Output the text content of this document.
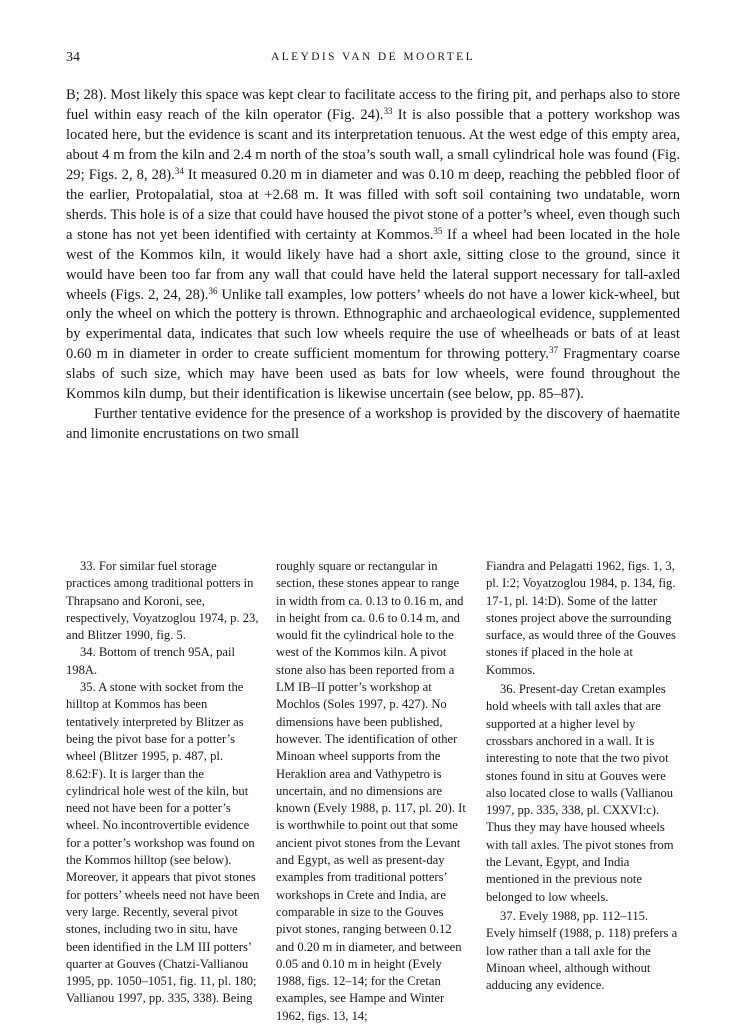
34	ALEYDIS VAN DE MOORTEL

B; 28). Most likely this space was kept clear to facilitate access to the firing pit, and perhaps also to store fuel within easy reach of the kiln operator (Fig. 24).$^{33}$ It is also possible that a pottery workshop was located here, but the evidence is scant and its interpretation tenuous. At the west edge of this empty area, about 4 m from the kiln and 2.4 m north of the stoa’s south wall, a small cylindrical hole was found (Fig. 29; Figs. 2, 8, 28).$^{34}$ It measured 0.20 m in diameter and was 0.10 m deep, reaching the pebbled floor of the earlier, Protopalatial, stoa at +2.68 m. It was filled with soft soil containing two undatable, worn sherds. This hole is of a size that could have housed the pivot stone of a potter’s wheel, even though such a stone has not yet been identified with certainty at Kommos.$^{35}$ If a wheel had been located in the hole west of the Kommos kiln, it would likely have had a short axle, sitting close to the ground, since it would have been too far from any wall that could have held the lateral support necessary for tall-axled wheels (Figs. 2, 24, 28).$^{36}$ Unlike tall examples, low potters’ wheels do not have a lower kick-wheel, but only the wheel on which the pottery is thrown. Ethnographic and archaeological evidence, supplemented by experimental data, indicates that such low wheels require the use of wheelheads or bats of at least 0.60 m in diameter in order to create sufficient momentum for throwing pottery.$^{37}$ Fragmentary coarse slabs of such size, which may have been used as bats for low wheels, were found throughout the Kommos kiln dump, but their identification is likewise uncertain (see below, pp. 85–87).

Further tentative evidence for the presence of a workshop is provided by the discovery of haematite and limonite encrustations on two small

33. For similar fuel storage practices among traditional potters in Thrapsano and Koroni, see, respectively, Voyatzoglou 1974, p. 23, and Blitzer 1990, fig. 5.

34. Bottom of trench 95A, pail 198A.

35. A stone with socket from the hilltop at Kommos has been tentatively interpreted by Blitzer as being the pivot base for a potter’s wheel (Blitzer 1995, p. 487, pl. 8.62:F). It is larger than the cylindrical hole west of the kiln, but need not have been for a potter’s wheel. No incontrovertible evidence for a potter’s workshop was found on the Kommos hilltop (see below). Moreover, it appears that pivot stones for potters’ wheels need not have been very large. Recently, several pivot stones, including two in situ, have been identified in the LM III potters’ quarter at Gouves (Chatzi-Vallianou 1995, pp. 1050–1051, fig. 11, pl. 180; Vallianou 1997, pp. 335, 338). Being

roughly square or rectangular in section, these stones appear to range in width from ca. 0.13 to 0.16 m, and in height from ca. 0.6 to 0.14 m, and would fit the cylindrical hole to the west of the Kommos kiln. A pivot stone also has been reported from a LM IB–II potter’s workshop at Mochlos (Soles 1997, p. 427). No dimensions have been published, however. The identification of other Minoan wheel supports from the Heraklion area and Vathypetro is uncertain, and no dimensions are known (Evely 1988, p. 117, pl. 20). It is worthwhile to point out that some ancient pivot stones from the Levant and Egypt, as well as present-day examples from traditional potters’ workshops in Crete and India, are comparable in size to the Gouves pivot stones, ranging between 0.12 and 0.20 m in diameter, and between 0.05 and 0.10 m in height (Evely 1988, figs. 12–14; for the Cretan examples, see Hampe and Winter 1962, figs. 13, 14;

Fiandra and Pelagatti 1962, figs. 1, 3, pl. I:2; Voyatzoglou 1984, p. 134, fig. 17-1, pl. 14:D). Some of the latter stones project above the surrounding surface, as would three of the Gouves stones if placed in the hole at Kommos.

36. Present-day Cretan examples hold wheels with tall axles that are supported at a higher level by crossbars anchored in a wall. It is interesting to note that the two pivot stones found in situ at Gouves were also located close to walls (Vallianou 1997, pp. 335, 338, pl. CXXVI:c). Thus they may have housed wheels with tall axles. The pivot stones from the Levant, Egypt, and India mentioned in the previous note belonged to low wheels.

37. Evely 1988, pp. 112–115. Evely himself (1988, p. 118) prefers a low rather than a tall axle for the Minoan wheel, although without adducing any evidence.
